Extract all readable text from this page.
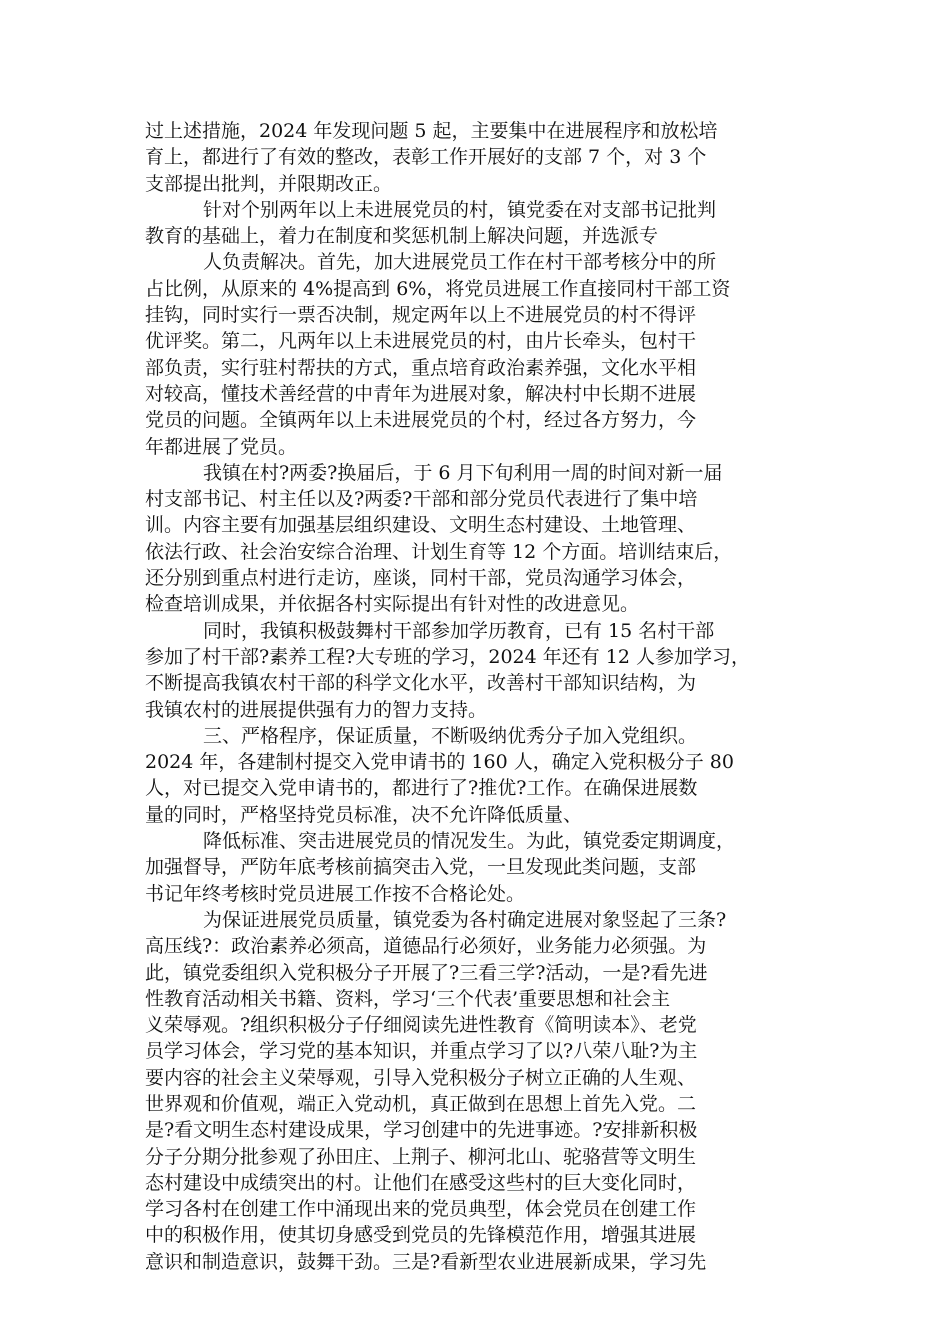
过上述措施，2024 年发现问题 5 起，主要集中在进展程序和放松培
育上，都进行了有效的整改，表彰工作开展好的支部 7 个，对 3 个
支部提出批判，并限期改正。
针对个别两年以上未进展党员的村，镇党委在对支部书记批判
教育的基础上，着力在制度和奖惩机制上解决问题，并选派专
人负责解决。首先，加大进展党员工作在村干部考核分中的所
占比例，从原来的 4%提高到 6%，将党员进展工作直接同村干部工资
挂钩，同时实行一票否决制，规定两年以上不进展党员的村不得评
优评奖。第二，凡两年以上未进展党员的村，由片长牵头，包村干
部负责，实行驻村帮扶的方式，重点培育政治素养强，文化水平相
对较高，懂技术善经营的中青年为进展对象，解决村中长期不进展
党员的问题。全镇两年以上未进展党员的个村，经过各方努力，今
年都进展了党员。
我镇在村?两委?换届后，于 6 月下旬利用一周的时间对新一届
村支部书记、村主任以及?两委?干部和部分党员代表进行了集中培
训。内容主要有加强基层组织建设、文明生态村建设、土地管理、
依法行政、社会治安综合治理、计划生育等 12 个方面。培训结束后，
还分别到重点村进行走访，座谈，同村干部，党员沟通学习体会，
检查培训成果，并依据各村实际提出有针对性的改进意见。
同时，我镇积极鼓舞村干部参加学历教育，已有 15 名村干部
参加了村干部?素养工程?大专班的学习，2024 年还有 12 人参加学习，
不断提高我镇农村干部的科学文化水平，改善村干部知识结构，为
我镇农村的进展提供强有力的智力支持。
三、严格程序，保证质量，不断吸纳优秀分子加入党组织。
2024 年，各建制村提交入党申请书的 160 人，确定入党积极分子 80
人，对已提交入党申请书的，都进行了?推优?工作。在确保进展数
量的同时，严格坚持党员标准，决不允许降低质量、
降低标准、突击进展党员的情况发生。为此，镇党委定期调度，
加强督导，严防年底考核前搞突击入党，一旦发现此类问题，支部
书记年终考核时党员进展工作按不合格论处。
为保证进展党员质量，镇党委为各村确定进展对象竖起了三条?
高压线?：政治素养必须高，道德品行必须好，业务能力必须强。为
此，镇党委组织入党积极分子开展了?三看三学?活动，一是?看先进
性教育活动相关书籍、资料，学习‘三个代表’重要思想和社会主
义荣辱观。?组织积极分子仔细阅读先进性教育《简明读本》、老党
员学习体会，学习党的基本知识，并重点学习了以?八荣八耻?为主
要内容的社会主义荣辱观，引导入党积极分子树立正确的人生观、
世界观和价值观，端正入党动机，真正做到在思想上首先入党。二
是?看文明生态村建设成果，学习创建中的先进事迹。?安排新积极
分子分期分批参观了孙田庄、上荆子、柳河北山、驼骆营等文明生
态村建设中成绩突出的村。让他们在感受这些村的巨大变化同时，
学习各村在创建工作中涌现出来的党员典型，体会党员在创建工作
中的积极作用，使其切身感受到党员的先锋模范作用，增强其进展
意识和制造意识，鼓舞干劲。三是?看新型农业进展新成果，学习先
